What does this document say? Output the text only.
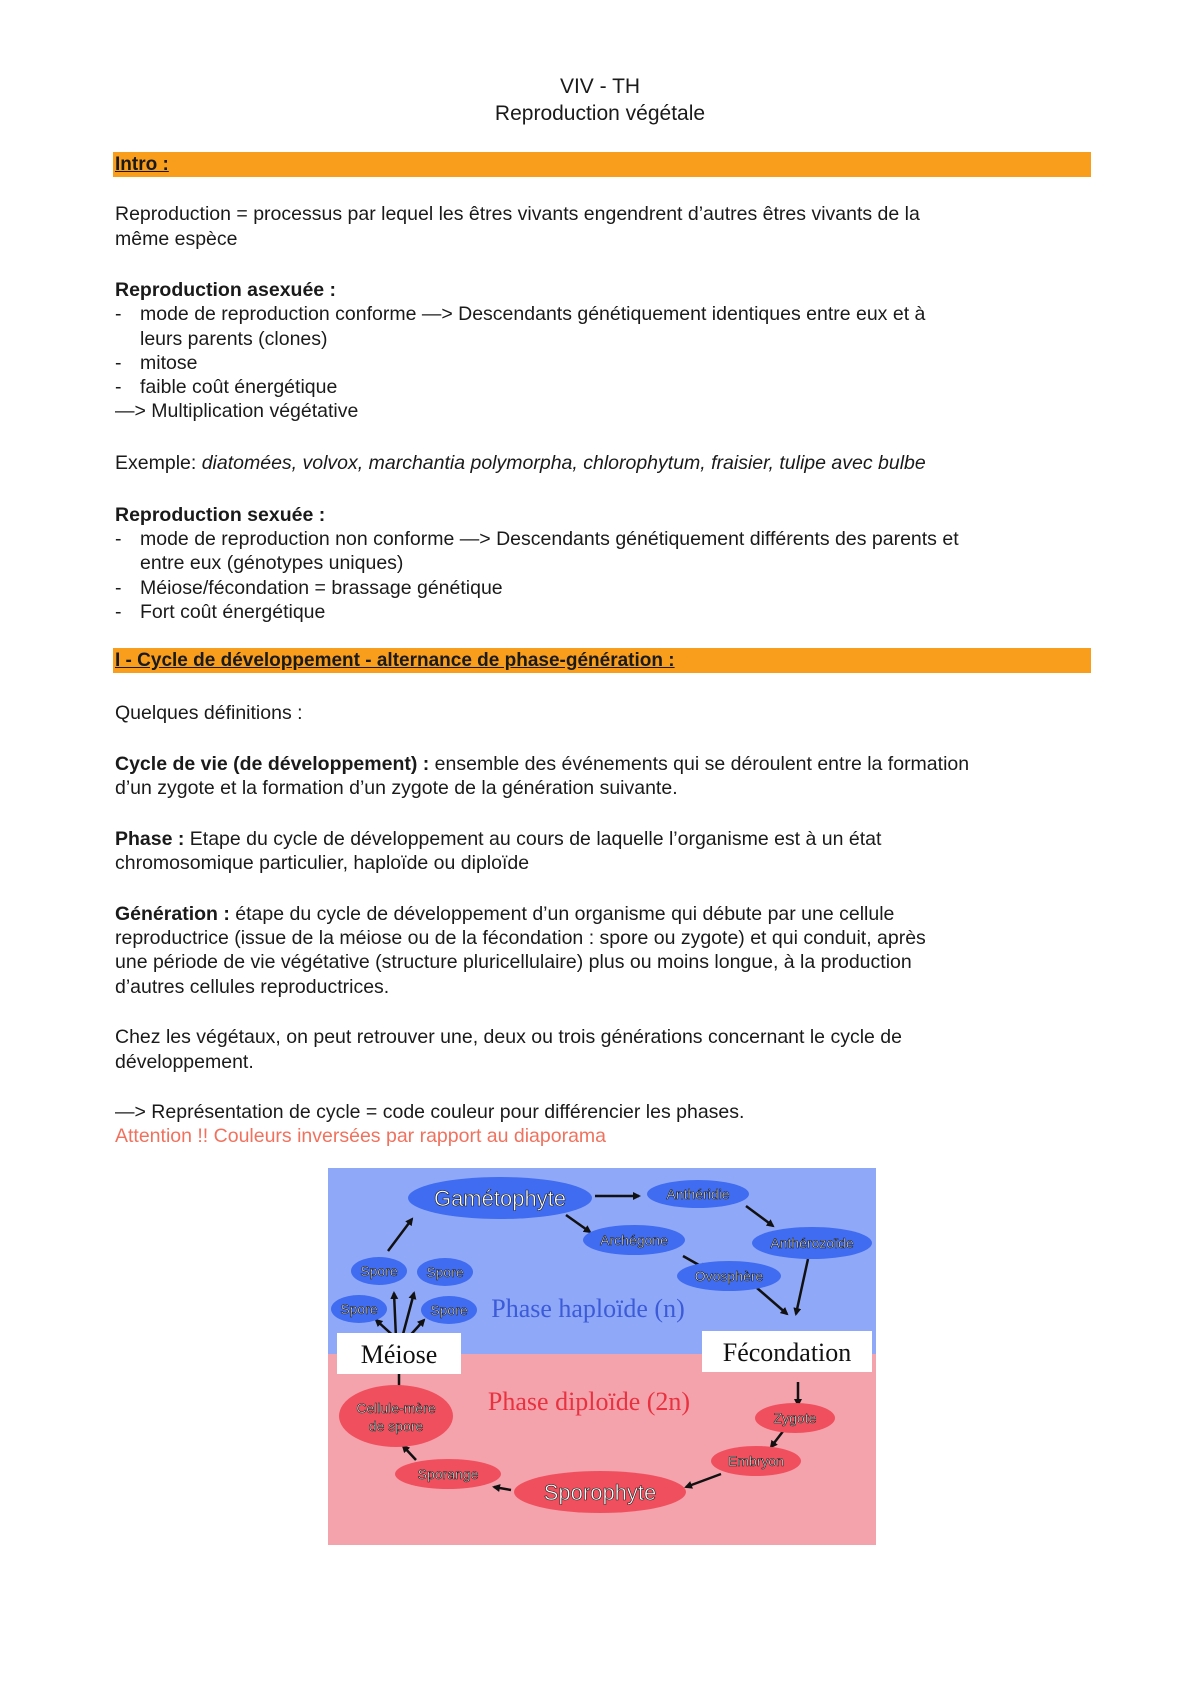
VIV - TH
Reproduction végétale
Intro :
Reproduction = processus par lequel les êtres vivants engendrent d’autres êtres vivants de la
même espèce
Reproduction asexuée :
- mode de reproduction conforme —> Descendants génétiquement identiques entre eux et à
leurs parents (clones)
- mitose
- faible coût énergétique
—> Multiplication végétative
Exemple: diatomées, volvox, marchantia polymorpha, chlorophytum, fraisier, tulipe avec bulbe
Reproduction sexuée :
- mode de reproduction non conforme —> Descendants génétiquement différents des parents et
entre eux (génotypes uniques)
- Méiose/fécondation = brassage génétique
- Fort coût énergétique
I - Cycle de développement - alternance de phase-génération :
Quelques définitions :
Cycle de vie (de développement) : ensemble des événements qui se déroulent entre la formation
d’un zygote et la formation d’un zygote de la génération suivante.
Phase : Etape du cycle de développement au cours de laquelle l’organisme est à un état
chromosomique particulier, haploïde ou diploïde
Génération : étape du cycle de développement d’un organisme qui débute par une cellule
reproductrice (issue de la méiose ou de la fécondation : spore ou zygote) et qui conduit, après
une période de vie végétative (structure pluricellulaire) plus ou moins longue, à la production
d’autres cellules reproductrices.
Chez les végétaux, on peut retrouver une, deux ou trois générations concernant le cycle de
développement.
—> Représentation de cycle = code couleur pour différencier les phases.
Attention !! Couleurs inversées par rapport au diaporama
Gamétophyte	Anthéridie
Archégone	Anthérozoïde
Ovosphère
Spore Spore
Spore	Spore
Zygote
Embryon
Sporophyte
Sporange
Cellule-mère
de spore
Méiose	Fécondation
Phase haploïde (n)
Phase diploïde (2n)
